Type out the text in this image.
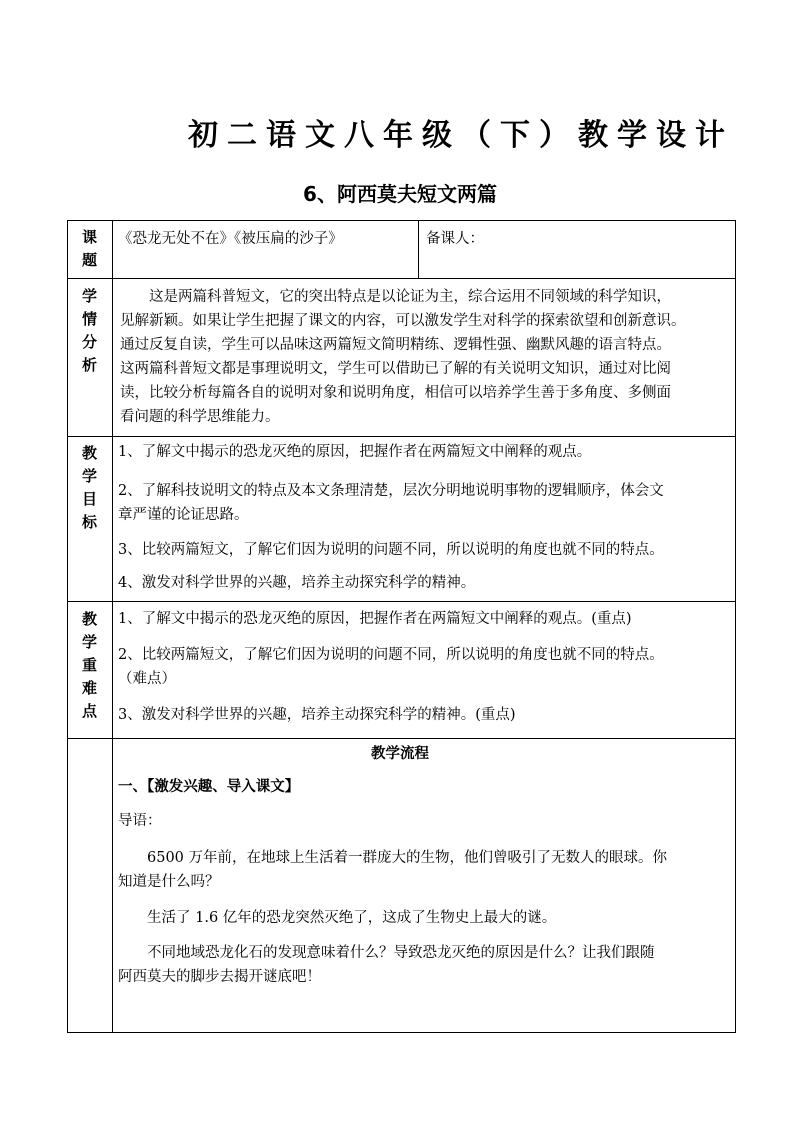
初二语文八年级（下）教学设计
6、阿西莫夫短文两篇
课
题
《恐龙无处不在》《被压扁的沙子》	备课人：
学
情
分
析
这是两篇科普短文，它的突出特点是以论证为主，综合运用不同领域的科学知识，
见解新颖。如果让学生把握了课文的内容，可以激发学生对科学的探索欲望和创新意识。
通过反复自读，学生可以品味这两篇短文简明精练、逻辑性强、幽默风趣的语言特点。
这两篇科普短文都是事理说明文，学生可以借助已了解的有关说明文知识，通过对比阅
读，比较分析每篇各自的说明对象和说明角度，相信可以培养学生善于多角度、多侧面
看问题的科学思维能力。
教
学
目
标
1、了解文中揭示的恐龙灭绝的原因，把握作者在两篇短文中阐释的观点。
2、了解科技说明文的特点及本文条理清楚，层次分明地说明事物的逻辑顺序，体会文
章严谨的论证思路。
3、比较两篇短文，了解它们因为说明的问题不同，所以说明的角度也就不同的特点。
4、激发对科学世界的兴趣，培养主动探究科学的精神。
教
学
重
难
点
1、了解文中揭示的恐龙灭绝的原因，把握作者在两篇短文中阐释的观点。(重点)
2、比较两篇短文，了解它们因为说明的问题不同，所以说明的角度也就不同的特点。
（难点）
3、激发对科学世界的兴趣，培养主动探究科学的精神。(重点)
教学流程
一、【激发兴趣、导入课文】
导语：
6500 万年前，在地球上生活着一群庞大的生物，他们曾吸引了无数人的眼球。你
知道是什么吗？
生活了 1.6 亿年的恐龙突然灭绝了，这成了生物史上最大的谜。
不同地域恐龙化石的发现意味着什么？导致恐龙灭绝的原因是什么？让我们跟随
阿西莫夫的脚步去揭开谜底吧！
